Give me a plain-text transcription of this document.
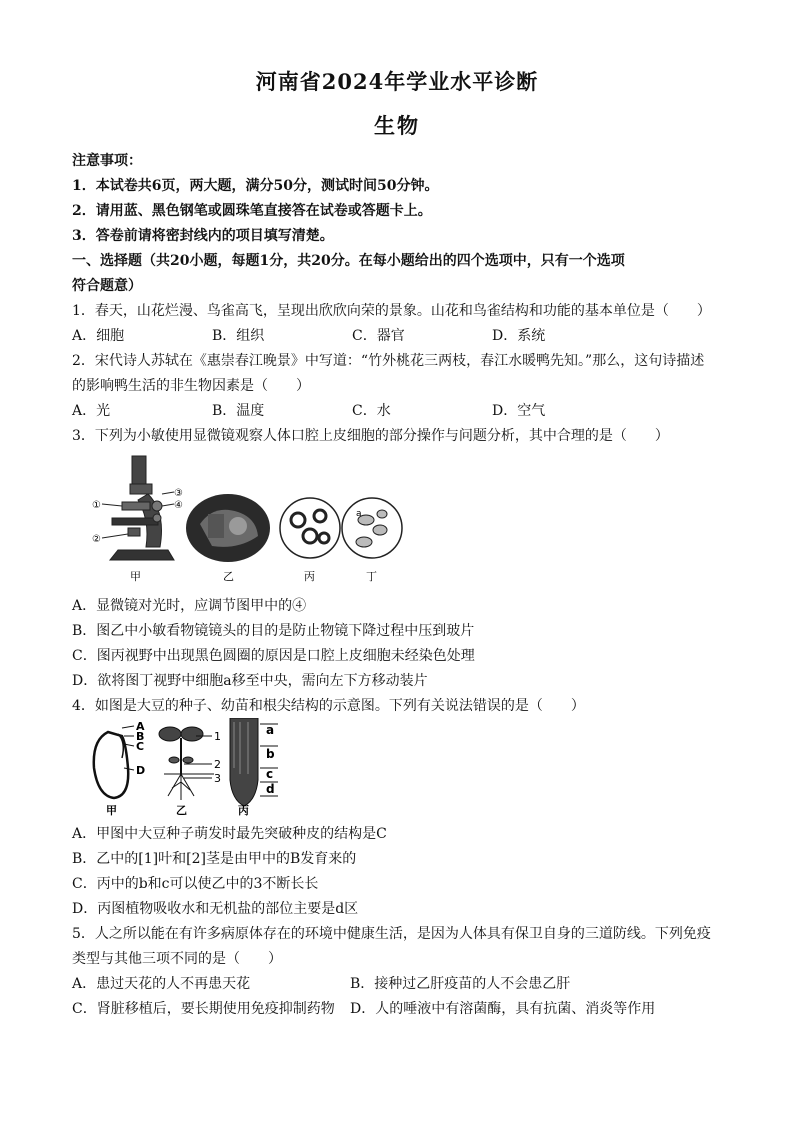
河南省2024年学业水平诊断
生物
注意事项：
1．本试卷共6页，两大题，满分50分，测试时间50分钟。
2．请用蓝、黑色钢笔或圆珠笔直接答在试卷或答题卡上。
3．答卷前请将密封线内的项目填写清楚。
一、选择题（共20小题，每题1分，共20分。在每小题给出的四个选项中，只有一个选项
符合题意）
1．春天，山花烂漫、鸟雀高飞，呈现出欣欣向荣的景象。山花和鸟雀结构和功能的基本单位是（　　）
A．细胞	B．组织	C．器官	D．系统
2．宋代诗人苏轼在《惠崇春江晚景》中写道：“竹外桃花三两枝，春江水暖鸭先知。”那么，这句诗描述
的影响鸭生活的非生物因素是（　　）
A．光	B．温度	C．水	D．空气
3．下列为小敏使用显微镜观察人体口腔上皮细胞的部分操作与问题分析，其中合理的是（　　）
①
②
③
④
甲	乙	丙
a
丁
A．显微镜对光时，应调节图甲中的④
B．图乙中小敏看物镜镜头的目的是防止物镜下降过程中压到玻片
C．图丙视野中出现黑色圆圈的原因是口腔上皮细胞未经染色处理
D．欲将图丁视野中细胞a移至中央，需向左下方移动装片
4．如图是大豆的种子、幼苗和根尖结构的示意图。下列有关说法错误的是（　　）
A
B
C
D
甲
1
2
3
乙
a
b
c
d
丙
A．甲图中大豆种子萌发时最先突破种皮的结构是C
B．乙中的[1]叶和[2]茎是由甲中的B发育来的
C．丙中的b和c可以使乙中的3不断长长
D．丙图植物吸收水和无机盐的部位主要是d区
5．人之所以能在有许多病原体存在的环境中健康生活，是因为人体具有保卫自身的三道防线。下列免疫
类型与其他三项不同的是（　　）
A．患过天花的人不再患天花	B．接种过乙肝疫苗的人不会患乙肝
C．肾脏移植后，要长期使用免疫抑制药物 D．人的唾液中有溶菌酶，具有抗菌、消炎等作用
